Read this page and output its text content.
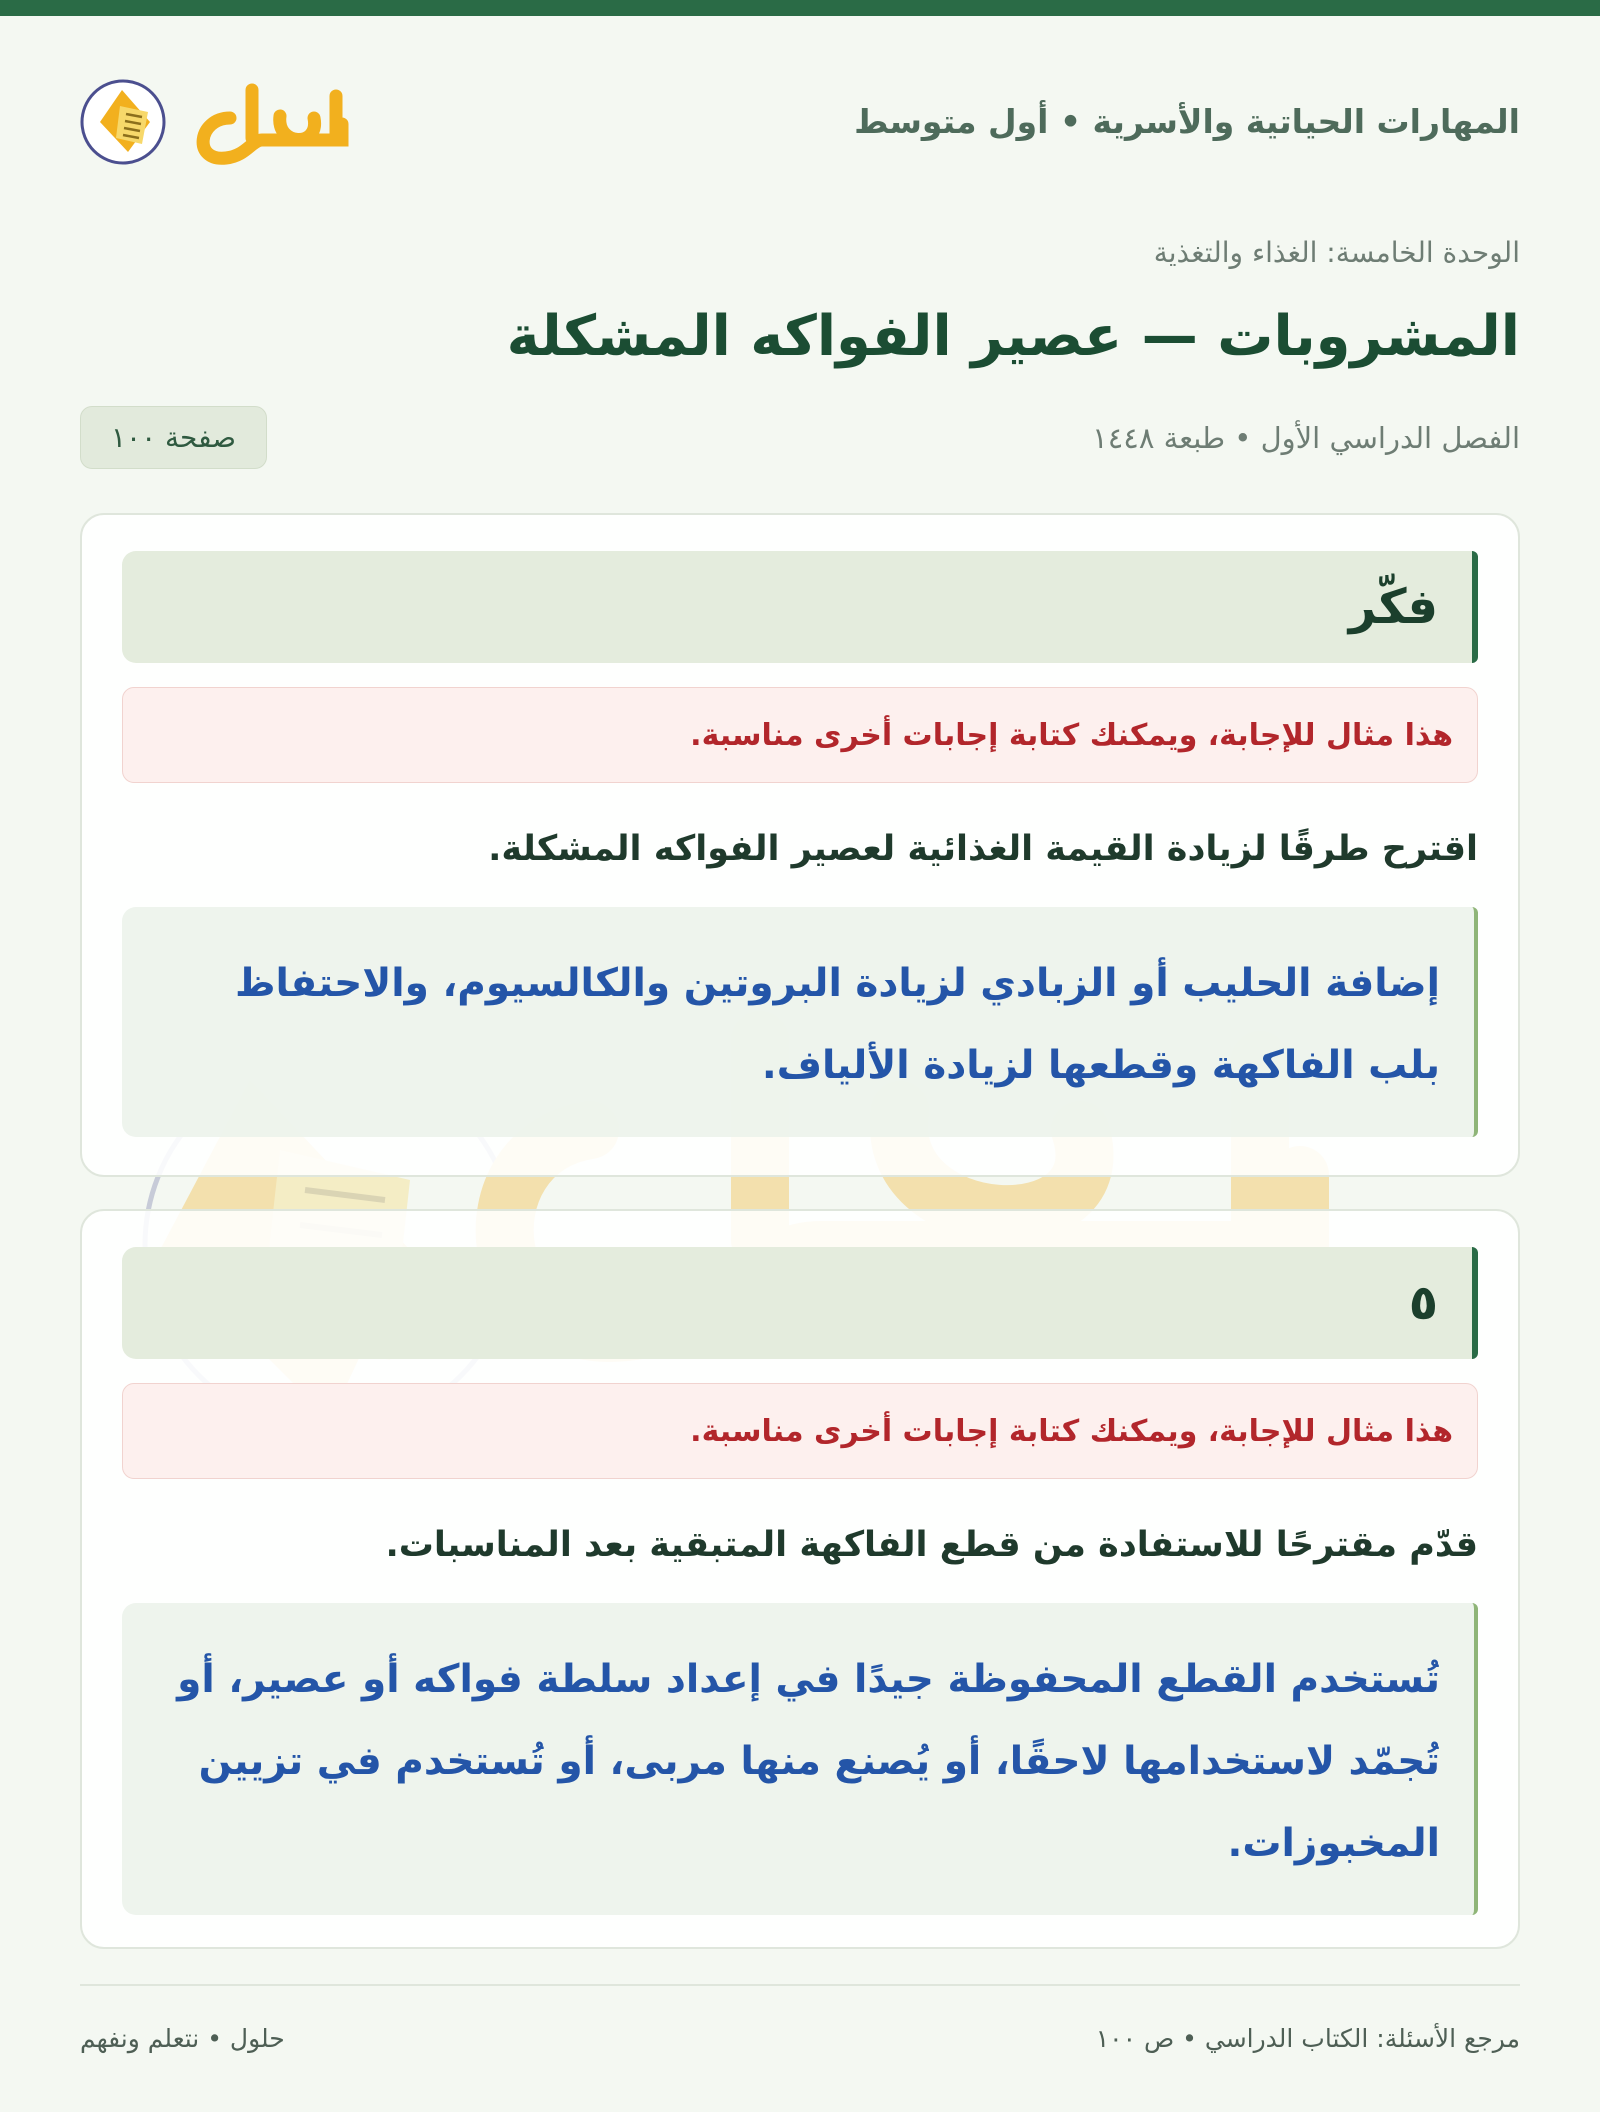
المهارات الحياتية والأسرية • أول متوسط
الوحدة الخامسة: الغذاء والتغذية
المشروبات — عصير الفواكه المشكلة
الفصل الدراسي الأول • طبعة ١٤٤٨
صفحة ١٠٠
فكّر
هذا مثال للإجابة، ويمكنك كتابة إجابات أخرى مناسبة.
اقترح طرقًا لزيادة القيمة الغذائية لعصير الفواكه المشكلة.
إضافة الحليب أو الزبادي لزيادة البروتين والكالسيوم، والاحتفاظ بلب الفاكهة وقطعها لزيادة الألياف.
٥
هذا مثال للإجابة، ويمكنك كتابة إجابات أخرى مناسبة.
قدّم مقترحًا للاستفادة من قطع الفاكهة المتبقية بعد المناسبات.
تُستخدم القطع المحفوظة جيدًا في إعداد سلطة فواكه أو عصير، أو تُجمّد لاستخدامها لاحقًا، أو يُصنع منها مربى، أو تُستخدم في تزيين المخبوزات.
مرجع الأسئلة: الكتاب الدراسي • ص ١٠٠
حلول • نتعلم ونفهم
